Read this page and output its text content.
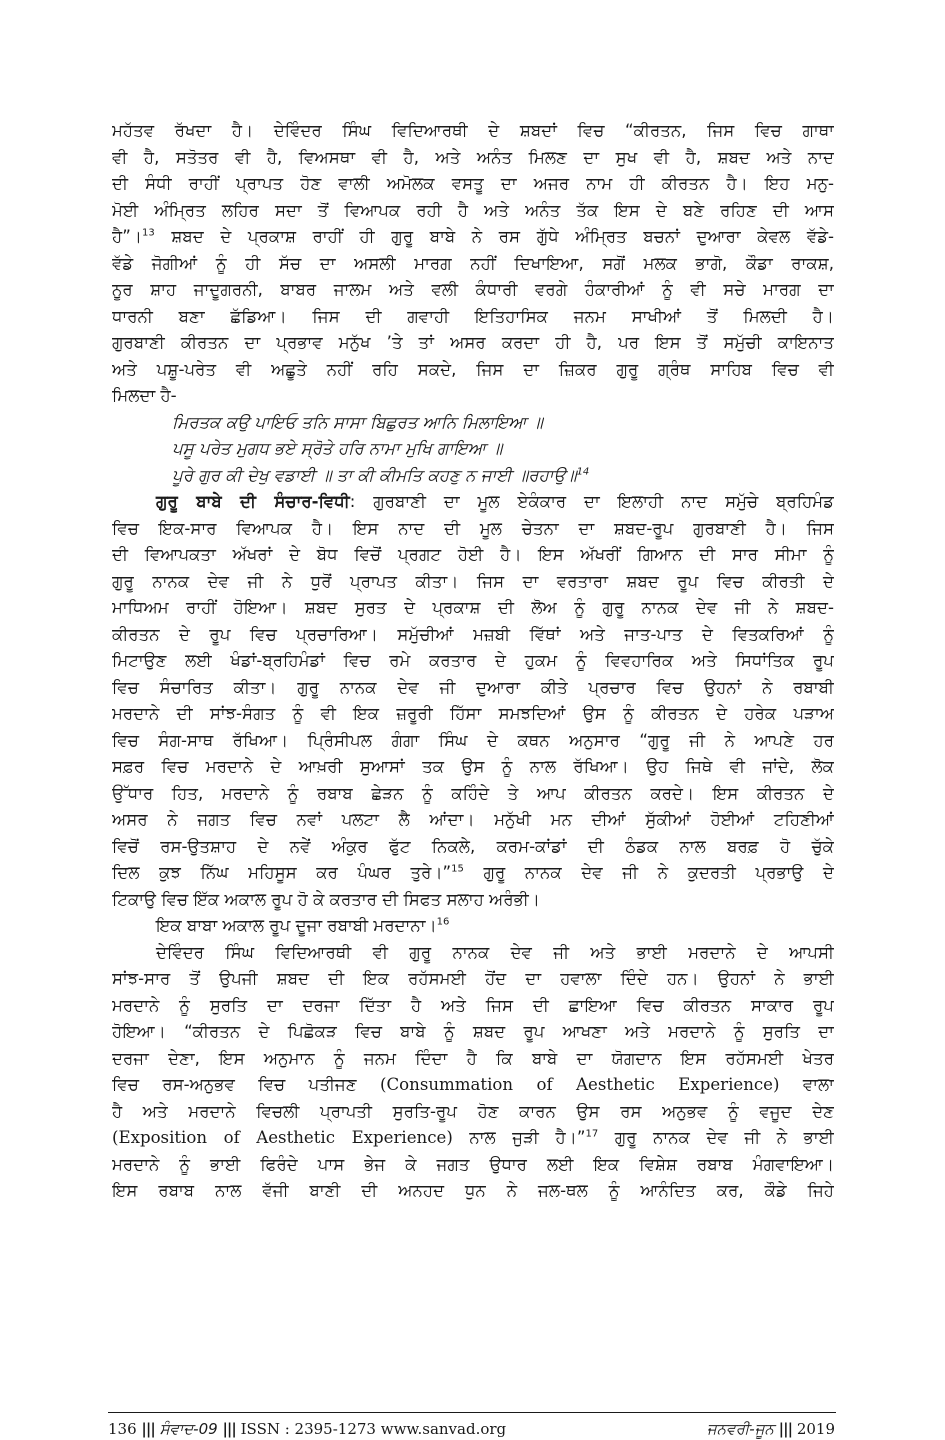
ਮਹੱਤਵ ਰੱਖਦਾ ਹੈ। ਦੇਵਿੰਦਰ ਸਿੰਘ ਵਿਦਿਆਰਥੀ ਦੇ ਸ਼ਬਦਾਂ ਵਿਚ “ਕੀਰਤਨ, ਜਿਸ ਵਿਚ ਗਾਥਾ
ਵੀ ਹੈ, ਸਤੋਤਰ ਵੀ ਹੈ, ਵਿਅਸਥਾ ਵੀ ਹੈ, ਅਤੇ ਅਨੰਤ ਮਿਲਣ ਦਾ ਸੁਖ ਵੀ ਹੈ, ਸ਼ਬਦ ਅਤੇ ਨਾਦ
ਦੀ ਸੰਧੀ ਰਾਹੀਂ ਪ੍ਰਾਪਤ ਹੋਣ ਵਾਲੀ ਅਮੋਲਕ ਵਸਤੂ ਦਾ ਅਜਰ ਨਾਮ ਹੀ ਕੀਰਤਨ ਹੈ। ਇਹ ਮਨੁ-
ਮੋਈ ਅੰਮ੍ਰਿਤ ਲਹਿਰ ਸਦਾ ਤੋਂ ਵਿਆਪਕ ਰਹੀ ਹੈ ਅਤੇ ਅਨੰਤ ਤੱਕ ਇਸ ਦੇ ਬਣੇ ਰਹਿਣ ਦੀ ਆਸ
ਹੈ”।$^{13}$ ਸ਼ਬਦ ਦੇ ਪ੍ਰਕਾਸ਼ ਰਾਹੀਂ ਹੀ ਗੁਰੂ ਬਾਬੇ ਨੇ ਰਸ ਗੁੱਧੇ ਅੰਮ੍ਰਿਤ ਬਚਨਾਂ ਦੁਆਰਾ ਕੇਵਲ ਵੱਡੇ-
ਵੱਡੇ ਜੋਗੀਆਂ ਨੂੰ ਹੀ ਸੱਚ ਦਾ ਅਸਲੀ ਮਾਰਗ ਨਹੀਂ ਦਿਖਾਇਆ, ਸਗੋਂ ਮਲਕ ਭਾਗੋ, ਕੌਡਾ ਰਾਕਸ਼,
ਨੂਰ ਸ਼ਾਹ ਜਾਦੂਗਰਨੀ, ਬਾਬਰ ਜਾਲਮ ਅਤੇ ਵਲੀ ਕੰਧਾਰੀ ਵਰਗੇ ਹੰਕਾਰੀਆਂ ਨੂੰ ਵੀ ਸਚੇ ਮਾਰਗ ਦਾ
ਧਾਰਨੀ ਬਣਾ ਛੱਡਿਆ। ਜਿਸ ਦੀ ਗਵਾਹੀ ਇਤਿਹਾਸਿਕ ਜਨਮ ਸਾਖੀਆਂ ਤੋਂ ਮਿਲਦੀ ਹੈ।
ਗੁਰਬਾਣੀ ਕੀਰਤਨ ਦਾ ਪ੍ਰਭਾਵ ਮਨੁੱਖ ’ਤੇ ਤਾਂ ਅਸਰ ਕਰਦਾ ਹੀ ਹੈ, ਪਰ ਇਸ ਤੋਂ ਸਮੁੱਚੀ ਕਾਇਨਾਤ
ਅਤੇ ਪਸ਼ੂ-ਪਰੇਤ ਵੀ ਅਛੂਤੇ ਨਹੀਂ ਰਹਿ ਸਕਦੇ, ਜਿਸ ਦਾ ਜ਼ਿਕਰ ਗੁਰੂ ਗ੍ਰੰਥ ਸਾਹਿਬ ਵਿਚ ਵੀ
ਮਿਲਦਾ ਹੈ-
ਮਿਰਤਕ ਕਉ ਪਾਇਓ ਤਨਿ ਸਾਸਾ ਬਿਛੁਰਤ ਆਨਿ ਮਿਲਾਇਆ ॥
ਪਸੂ ਪਰੇਤ ਮੁਗਧ ਭਏ ਸ੍ਰੋਤੇ ਹਰਿ ਨਾਮਾ ਮੁਖਿ ਗਾਇਆ ॥
ਪੂਰੇ ਗੁਰ ਕੀ ਦੇਖੁ ਵਡਾਈ ॥ ਤਾ ਕੀ ਕੀਮਤਿ ਕਹਣੁ ਨ ਜਾਈ ॥ਰਹਾਉ॥$^{14}$
ਗੁਰੂ ਬਾਬੇ ਦੀ ਸੰਚਾਰ-ਵਿਧੀ: ਗੁਰਬਾਣੀ ਦਾ ਮੂਲ ਏਕੰਕਾਰ ਦਾ ਇਲਾਹੀ ਨਾਦ ਸਮੁੱਚੇ ਬ੍ਰਹਿਮੰਡ
ਵਿਚ ਇਕ-ਸਾਰ ਵਿਆਪਕ ਹੈ। ਇਸ ਨਾਦ ਦੀ ਮੂਲ ਚੇਤਨਾ ਦਾ ਸ਼ਬਦ-ਰੂਪ ਗੁਰਬਾਣੀ ਹੈ। ਜਿਸ
ਦੀ ਵਿਆਪਕਤਾ ਅੱਖਰਾਂ ਦੇ ਬੋਧ ਵਿਚੋਂ ਪ੍ਰਗਟ ਹੋਈ ਹੈ। ਇਸ ਅੱਖਰੀਂ ਗਿਆਨ ਦੀ ਸਾਰ ਸੀਮਾ ਨੂੰ
ਗੁਰੂ ਨਾਨਕ ਦੇਵ ਜੀ ਨੇ ਧੁਰੋਂ ਪ੍ਰਾਪਤ ਕੀਤਾ। ਜਿਸ ਦਾ ਵਰਤਾਰਾ ਸ਼ਬਦ ਰੂਪ ਵਿਚ ਕੀਰਤੀ ਦੇ
ਮਾਧਿਅਮ ਰਾਹੀਂ ਹੋਇਆ। ਸ਼ਬਦ ਸੁਰਤ ਦੇ ਪ੍ਰਕਾਸ਼ ਦੀ ਲੋਅ ਨੂੰ ਗੁਰੂ ਨਾਨਕ ਦੇਵ ਜੀ ਨੇ ਸ਼ਬਦ-
ਕੀਰਤਨ ਦੇ ਰੂਪ ਵਿਚ ਪ੍ਰਚਾਰਿਆ। ਸਮੁੱਚੀਆਂ ਮਜ਼ਬੀ ਵਿੱਥਾਂ ਅਤੇ ਜਾਤ-ਪਾਤ ਦੇ ਵਿਤਕਰਿਆਂ ਨੂੰ
ਮਿਟਾਉਣ ਲਈ ਖੰਡਾਂ-ਬ੍ਰਹਿਮੰਡਾਂ ਵਿਚ ਰਮੇ ਕਰਤਾਰ ਦੇ ਹੁਕਮ ਨੂੰ ਵਿਵਹਾਰਿਕ ਅਤੇ ਸਿਧਾਂਤਿਕ ਰੂਪ
ਵਿਚ ਸੰਚਾਰਿਤ ਕੀਤਾ। ਗੁਰੂ ਨਾਨਕ ਦੇਵ ਜੀ ਦੁਆਰਾ ਕੀਤੇ ਪ੍ਰਚਾਰ ਵਿਚ ਉਹਨਾਂ ਨੇ ਰਬਾਬੀ
ਮਰਦਾਨੇ ਦੀ ਸਾਂਝ-ਸੰਗਤ ਨੂੰ ਵੀ ਇਕ ਜ਼ਰੂਰੀ ਹਿੱਸਾ ਸਮਝਦਿਆਂ ਉਸ ਨੂੰ ਕੀਰਤਨ ਦੇ ਹਰੇਕ ਪੜਾਅ
ਵਿਚ ਸੰਗ-ਸਾਥ ਰੱਖਿਆ। ਪ੍ਰਿੰਸੀਪਲ ਗੰਗਾ ਸਿੰਘ ਦੇ ਕਥਨ ਅਨੁਸਾਰ “ਗੁਰੂ ਜੀ ਨੇ ਆਪਣੇ ਹਰ
ਸਫ਼ਰ ਵਿਚ ਮਰਦਾਨੇ ਦੇ ਆਖ਼ਰੀ ਸੁਆਸਾਂ ਤਕ ਉਸ ਨੂੰ ਨਾਲ ਰੱਖਿਆ। ਉਹ ਜਿਥੇ ਵੀ ਜਾਂਦੇ, ਲੋਕ
ਉੱਧਾਰ ਹਿਤ, ਮਰਦਾਨੇ ਨੂੰ ਰਬਾਬ ਛੇੜਨ ਨੂੰ ਕਹਿੰਦੇ ਤੇ ਆਪ ਕੀਰਤਨ ਕਰਦੇ। ਇਸ ਕੀਰਤਨ ਦੇ
ਅਸਰ ਨੇ ਜਗਤ ਵਿਚ ਨਵਾਂ ਪਲਟਾ ਲੈ ਆਂਦਾ। ਮਨੁੱਖੀ ਮਨ ਦੀਆਂ ਸੁੱਕੀਆਂ ਹੋਈਆਂ ਟਹਿਣੀਆਂ
ਵਿਚੋਂ ਰਸ-ਉਤਸ਼ਾਹ ਦੇ ਨਵੇਂ ਅੰਕੁਰ ਫੁੱਟ ਨਿਕਲੇ, ਕਰਮ-ਕਾਂਡਾਂ ਦੀ ਠੰਡਕ ਨਾਲ ਬਰਫ਼ ਹੋ ਚੁੱਕੇ
ਦਿਲ ਕੁਝ ਨਿੱਘ ਮਹਿਸੂਸ ਕਰ ਪੰਘਰ ਤੁਰੇ।”$^{15}$ ਗੁਰੂ ਨਾਨਕ ਦੇਵ ਜੀ ਨੇ ਕੁਦਰਤੀ ਪ੍ਰਭਾਉ ਦੇ
ਟਿਕਾਉ ਵਿਚ ਇੱਕ ਅਕਾਲ ਰੂਪ ਹੋ ਕੇ ਕਰਤਾਰ ਦੀ ਸਿਫਤ ਸਲਾਹ ਅਰੰਭੀ।
ਇਕ ਬਾਬਾ ਅਕਾਲ ਰੂਪ ਦੂਜਾ ਰਬਾਬੀ ਮਰਦਾਨਾ।$^{16}$
ਦੇਵਿੰਦਰ ਸਿੰਘ ਵਿਦਿਆਰਥੀ ਵੀ ਗੁਰੂ ਨਾਨਕ ਦੇਵ ਜੀ ਅਤੇ ਭਾਈ ਮਰਦਾਨੇ ਦੇ ਆਪਸੀ
ਸਾਂਝ-ਸਾਰ ਤੋਂ ਉਪਜੀ ਸ਼ਬਦ ਦੀ ਇਕ ਰਹੱਸਮਈ ਹੋਂਦ ਦਾ ਹਵਾਲਾ ਦਿੰਦੇ ਹਨ। ਉਹਨਾਂ ਨੇ ਭਾਈ
ਮਰਦਾਨੇ ਨੂੰ ਸੁਰਤਿ ਦਾ ਦਰਜਾ ਦਿੱਤਾ ਹੈ ਅਤੇ ਜਿਸ ਦੀ ਛਾਇਆ ਵਿਚ ਕੀਰਤਨ ਸਾਕਾਰ ਰੂਪ
ਹੋਇਆ। “ਕੀਰਤਨ ਦੇ ਪਿਛੋਕੜ ਵਿਚ ਬਾਬੇ ਨੂੰ ਸ਼ਬਦ ਰੂਪ ਆਖਣਾ ਅਤੇ ਮਰਦਾਨੇ ਨੂੰ ਸੁਰਤਿ ਦਾ
ਦਰਜਾ ਦੇਣਾ, ਇਸ ਅਨੁਮਾਨ ਨੂੰ ਜਨਮ ਦਿੰਦਾ ਹੈ ਕਿ ਬਾਬੇ ਦਾ ਯੋਗਦਾਨ ਇਸ ਰਹੱਸਮਈ ਖੇਤਰ
ਵਿਚ ਰਸ-ਅਨੁਭਵ ਵਿਚ ਪਤੀਜਣ (Consummation of Aesthetic Experience) ਵਾਲਾ
ਹੈ ਅਤੇ ਮਰਦਾਨੇ ਵਿਚਲੀ ਪ੍ਰਾਪਤੀ ਸੁਰਤਿ-ਰੂਪ ਹੋਣ ਕਾਰਨ ਉਸ ਰਸ ਅਨੁਭਵ ਨੂੰ ਵਜੂਦ ਦੇਣ
(Exposition of Aesthetic Experience) ਨਾਲ ਜੁੜੀ ਹੈ।”$^{17}$ ਗੁਰੂ ਨਾਨਕ ਦੇਵ ਜੀ ਨੇ ਭਾਈ
ਮਰਦਾਨੇ ਨੂੰ ਭਾਈ ਫਿਰੰਦੇ ਪਾਸ ਭੇਜ ਕੇ ਜਗਤ ਉਧਾਰ ਲਈ ਇਕ ਵਿਸ਼ੇਸ਼ ਰਬਾਬ ਮੰਗਵਾਇਆ।
ਇਸ ਰਬਾਬ ਨਾਲ ਵੱਜੀ ਬਾਣੀ ਦੀ ਅਨਹਦ ਧੁਨ ਨੇ ਜਲ-ਥਲ ਨੂੰ ਆਨੰਦਿਤ ਕਰ, ਕੌਡੇ ਜਿਹੇ
136 ||| ਸੰਵਾਦ-09 ||| ISSN : 2395-1273 www.sanvad.org	ਜਨਵਰੀ-ਜੂਨ ||| 2019
